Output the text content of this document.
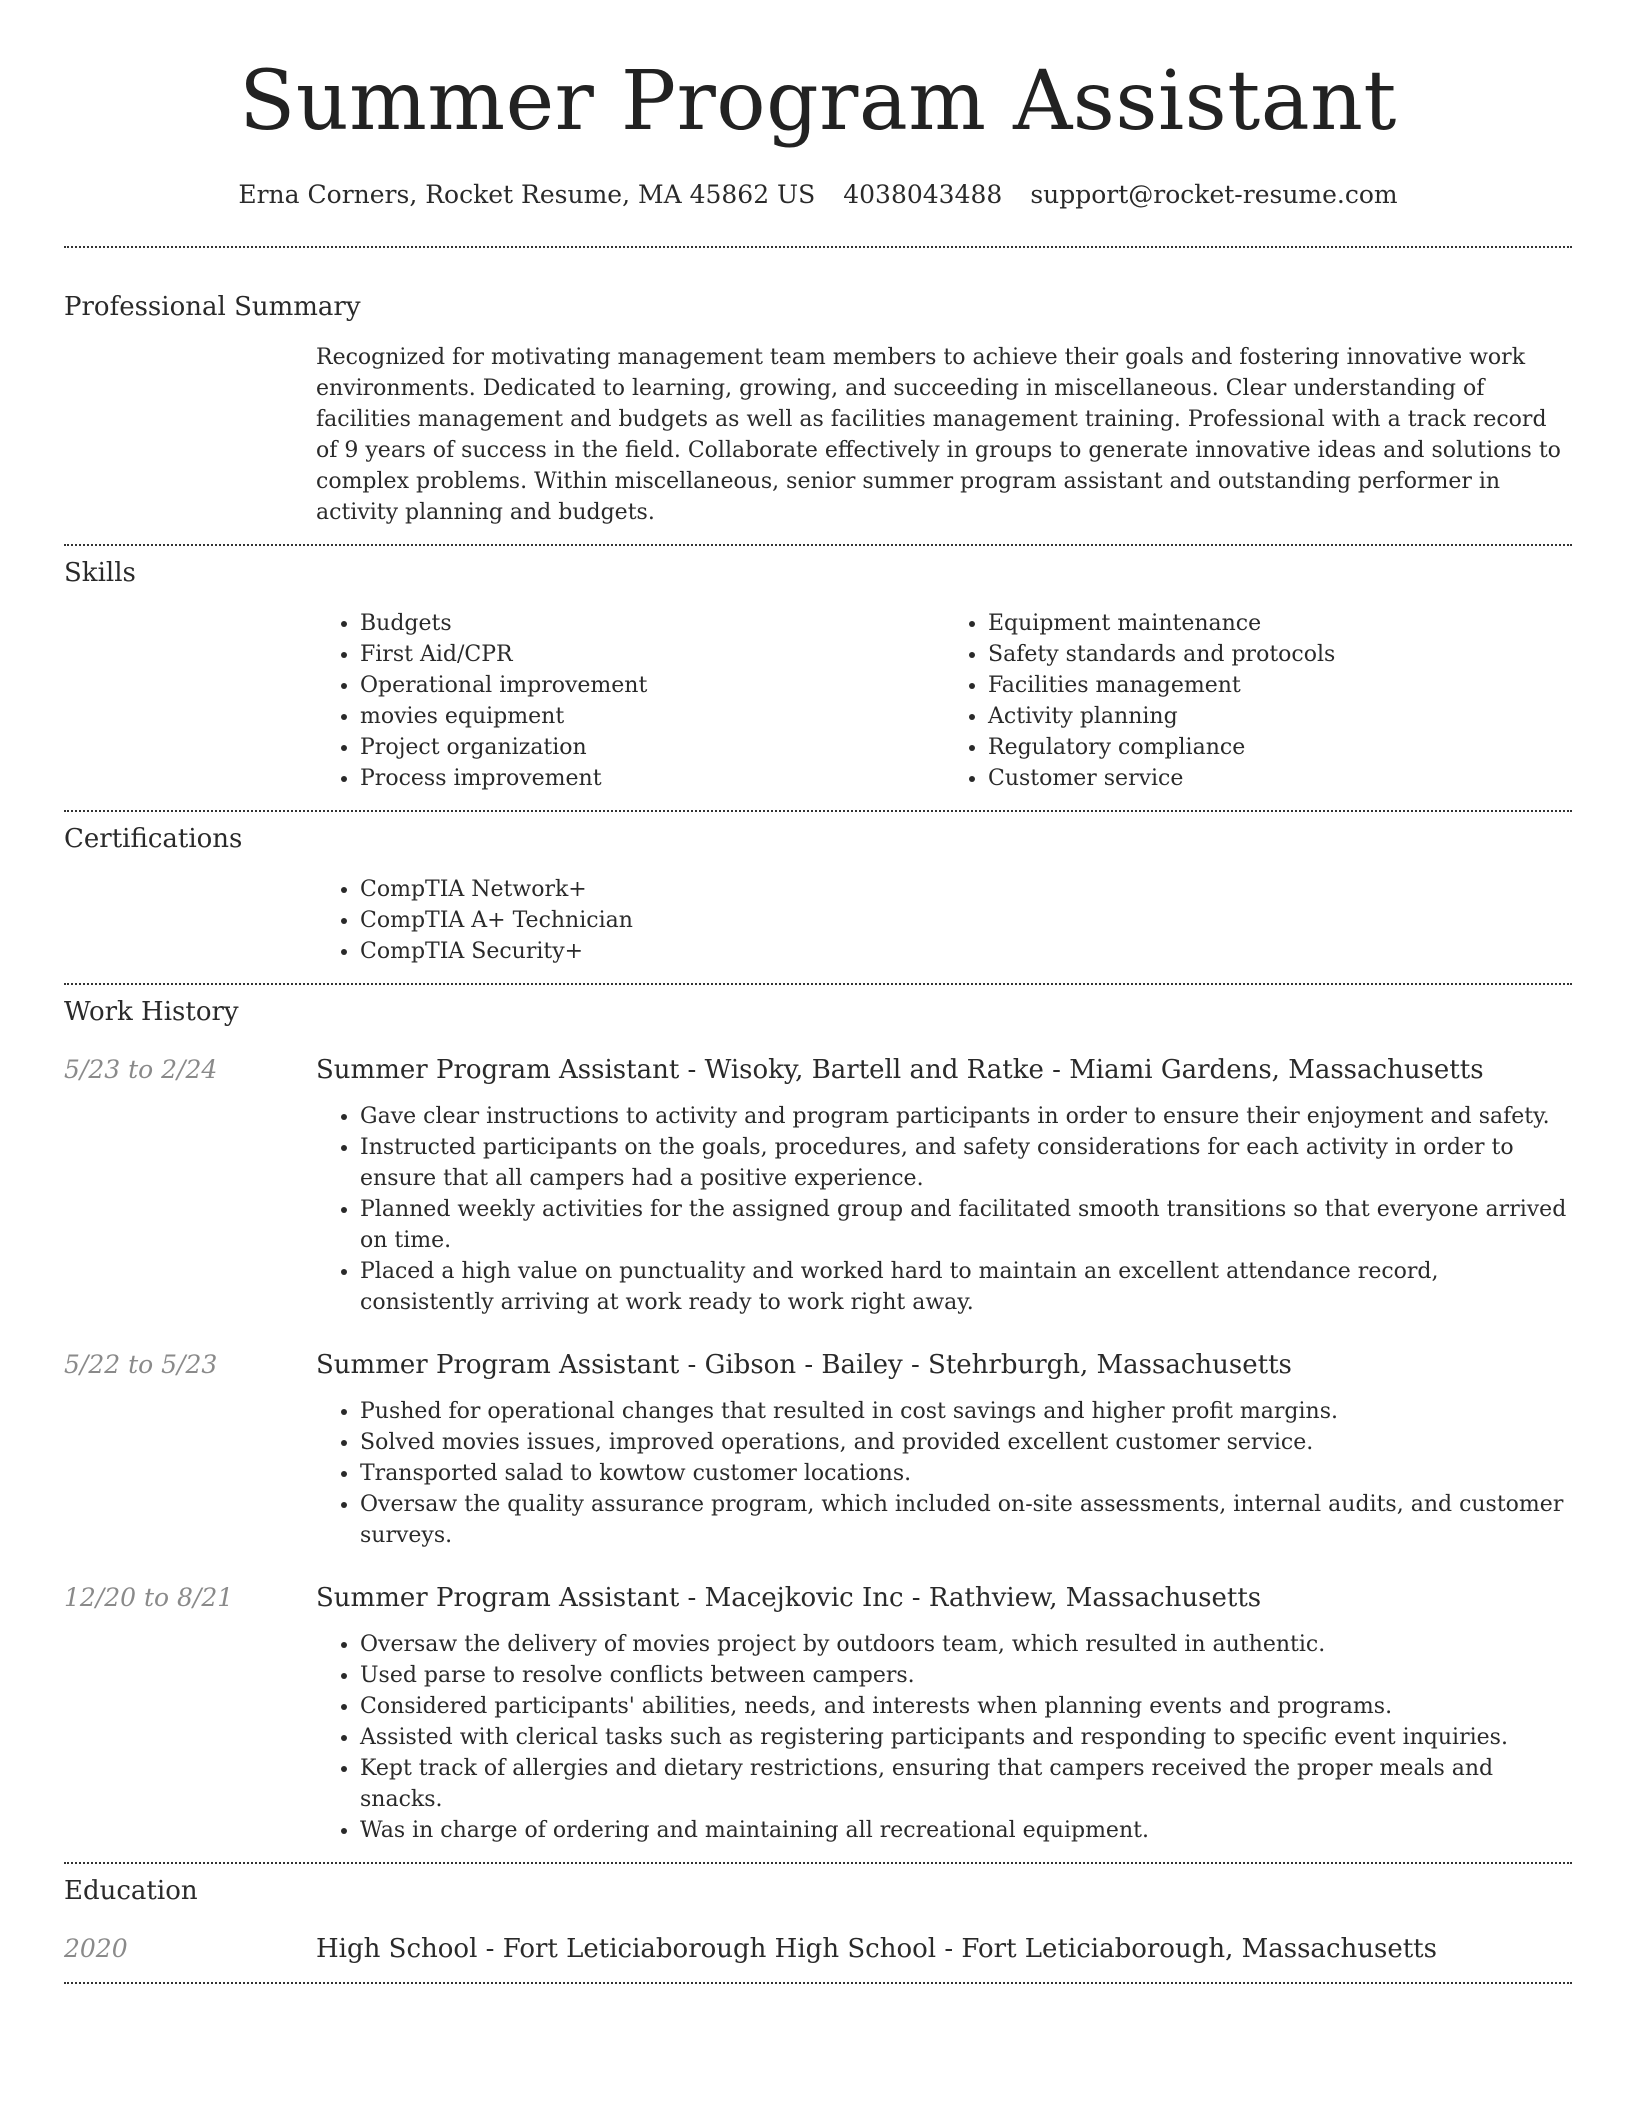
Summer Program Assistant
Erna Corners, Rocket Resume, MA 45862 US 4038043488 support@rocket-resume.com
Professional Summary

Recognized for motivating management team members to achieve their goals and fostering innovative work environments. Dedicated to learning, growing, and succeeding in miscellaneous. Clear understanding of facilities management and budgets as well as facilities management training. Professional with a track record of 9 years of success in the field. Collaborate effectively in groups to generate innovative ideas and solutions to complex problems. Within miscellaneous, senior summer program assistant and outstanding performer in activity planning and budgets.

Skills
• Budgets
• First Aid/CPR
• Operational improvement
• movies equipment
• Project organization
• Process improvement
• Equipment maintenance
• Safety standards and protocols
• Facilities management
• Activity planning
• Regulatory compliance
• Customer service
Certifications
• CompTIA Network+
• CompTIA A+ Technician
• CompTIA Security+
Work History
5/23 to 2/24	Summer Program Assistant - Wisoky, Bartell and Ratke - Miami Gardens, Massachusetts
• Gave clear instructions to activity and program participants in order to ensure their enjoyment and safety.
• Instructed participants on the goals, procedures, and safety considerations for each activity in order to ensure that all campers had a positive experience.
• Planned weekly activities for the assigned group and facilitated smooth transitions so that everyone arrived on time.
• Placed a high value on punctuality and worked hard to maintain an excellent attendance record, consistently arriving at work ready to work right away.
5/22 to 5/23	Summer Program Assistant - Gibson - Bailey - Stehrburgh, Massachusetts
• Pushed for operational changes that resulted in cost savings and higher profit margins.
• Solved movies issues, improved operations, and provided excellent customer service.
• Transported salad to kowtow customer locations.
• Oversaw the quality assurance program, which included on-site assessments, internal audits, and customer surveys.
12/20 to 8/21	Summer Program Assistant - Macejkovic Inc - Rathview, Massachusetts
• Oversaw the delivery of movies project by outdoors team, which resulted in authentic.
• Used parse to resolve conflicts between campers.
• Considered participants' abilities, needs, and interests when planning events and programs.
• Assisted with clerical tasks such as registering participants and responding to specific event inquiries.
• Kept track of allergies and dietary restrictions, ensuring that campers received the proper meals and snacks.
• Was in charge of ordering and maintaining all recreational equipment.
Education
2020	High School - Fort Leticiaborough High School - Fort Leticiaborough, Massachusetts
